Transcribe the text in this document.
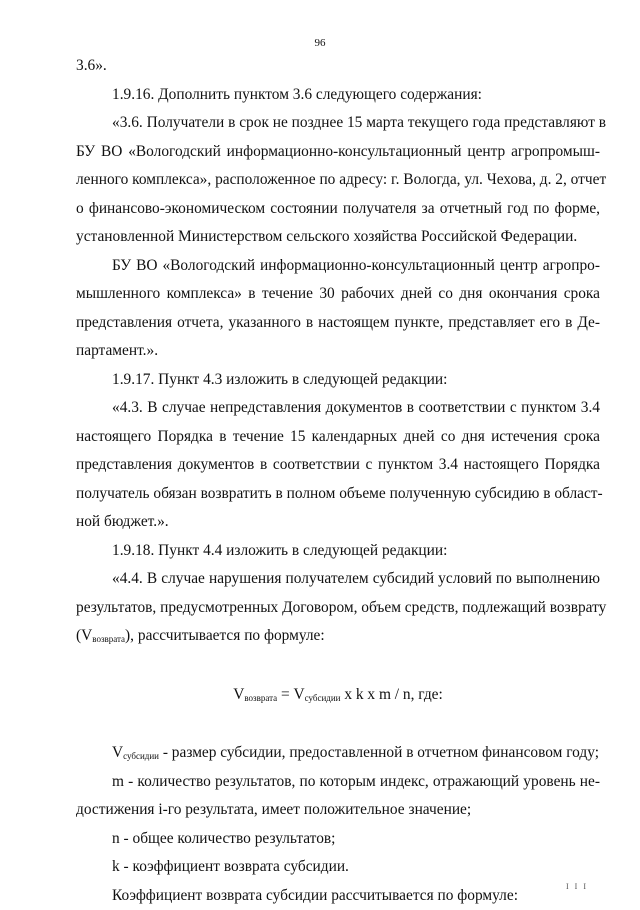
96
3.6».
1.9.16. Дополнить пунктом 3.6 следующего содержания:
«3.6. Получатели в срок не позднее 15 марта текущего года представляют в
БУ ВО «Вологодский информационно-консультационный центр агропромыш-
ленного комплекса», расположенное по адресу: г. Вологда, ул. Чехова, д. 2, отчет
о финансово-экономическом состоянии получателя за отчетный год по форме,
установленной Министерством сельского хозяйства Российской Федерации.
БУ ВО «Вологодский информационно-консультационный центр агропро-
мышленного комплекса» в течение 30 рабочих дней со дня окончания срока
представления отчета, указанного в настоящем пункте, представляет его в Де-
партамент.».
1.9.17. Пункт 4.3 изложить в следующей редакции:
«4.3. В случае непредставления документов в соответствии с пунктом 3.4
настоящего Порядка в течение 15 календарных дней со дня истечения срока
представления документов в соответствии с пунктом 3.4 настоящего Порядка
получатель обязан возвратить в полном объеме полученную субсидию в област-
ной бюджет.».
1.9.18. Пункт 4.4 изложить в следующей редакции:
«4.4. В случае нарушения получателем субсидий условий по выполнению
результатов, предусмотренных Договором, объем средств, подлежащий возврату
$(V_{возврата})$, рассчитывается по формуле:
$V_{возврата} = V_{субсидии}$ x k x m / n, где:
$V_{субсидии}$ - размер субсидии, предоставленной в отчетном финансовом году;
m - количество результатов, по которым индекс, отражающий уровень не-
достижения i-го результата, имеет положительное значение;
n - общее количество результатов;
k - коэффициент возврата субсидии.
Коэффициент возврата субсидии рассчитывается по формуле:	I I I
